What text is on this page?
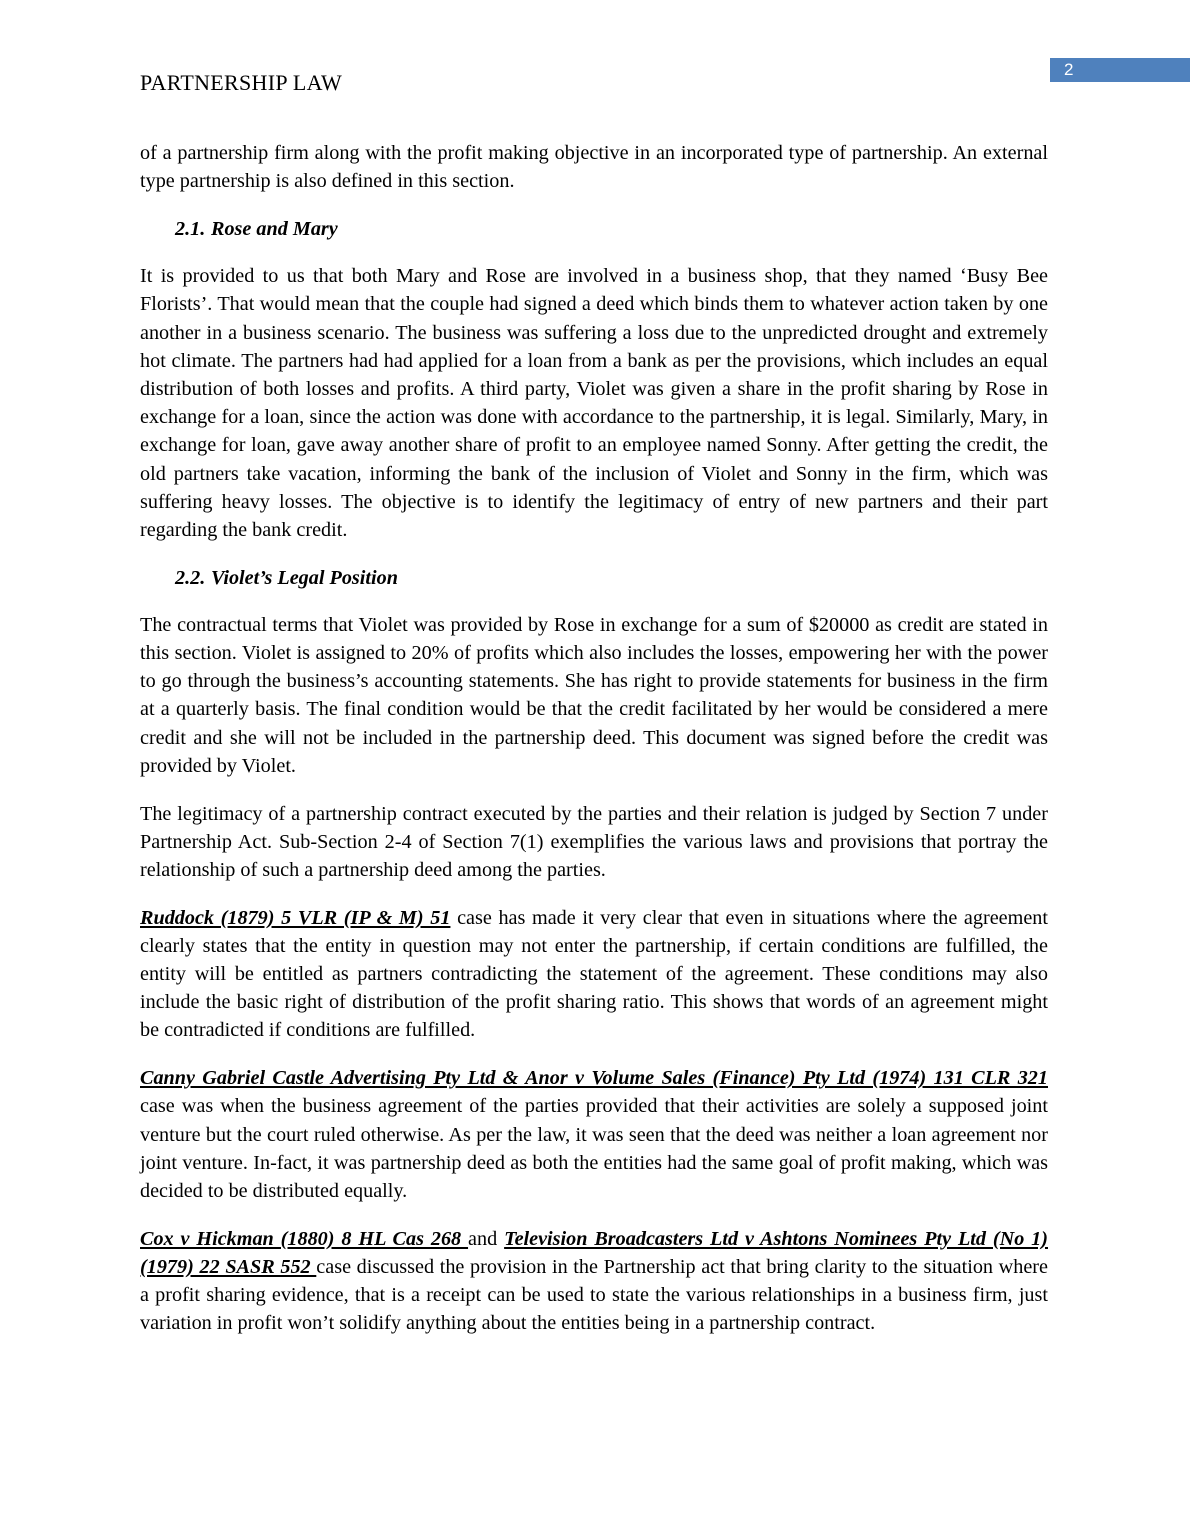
PARTNERSHIP LAW
2

of a partnership firm along with the profit making objective in an incorporated type of partnership. An external type partnership is also defined in this section.

2.1. Rose and Mary

It is provided to us that both Mary and Rose are involved in a business shop, that they named ‘Busy Bee Florists’. That would mean that the couple had signed a deed which binds them to whatever action taken by one another in a business scenario. The business was suffering a loss due to the unpredicted drought and extremely hot climate. The partners had had applied for a loan from a bank as per the provisions, which includes an equal distribution of both losses and profits. A third party, Violet was given a share in the profit sharing by Rose in exchange for a loan, since the action was done with accordance to the partnership, it is legal. Similarly, Mary, in exchange for loan, gave away another share of profit to an employee named Sonny. After getting the credit, the old partners take vacation, informing the bank of the inclusion of Violet and Sonny in the firm, which was suffering heavy losses. The objective is to identify the legitimacy of entry of new partners and their part regarding the bank credit.

2.2. Violet’s Legal Position

The contractual terms that Violet was provided by Rose in exchange for a sum of $20000 as credit are stated in this section. Violet is assigned to 20% of profits which also includes the losses, empowering her with the power to go through the business’s accounting statements. She has right to provide statements for business in the firm at a quarterly basis. The final condition would be that the credit facilitated by her would be considered a mere credit and she will not be included in the partnership deed. This document was signed before the credit was provided by Violet.

The legitimacy of a partnership contract executed by the parties and their relation is judged by Section 7 under Partnership Act. Sub-Section 2-4 of Section 7(1) exemplifies the various laws and provisions that portray the relationship of such a partnership deed among the parties.

Ruddock (1879) 5 VLR (IP & M) 51 case has made it very clear that even in situations where the agreement clearly states that the entity in question may not enter the partnership, if certain conditions are fulfilled, the entity will be entitled as partners contradicting the statement of the agreement. These conditions may also include the basic right of distribution of the profit sharing ratio. This shows that words of an agreement might be contradicted if conditions are fulfilled.

Canny Gabriel Castle Advertising Pty Ltd & Anor v Volume Sales (Finance) Pty Ltd (1974) 131 CLR 321 case was when the business agreement of the parties provided that their activities are solely a supposed joint venture but the court ruled otherwise. As per the law, it was seen that the deed was neither a loan agreement nor joint venture. In-fact, it was partnership deed as both the entities had the same goal of profit making, which was decided to be distributed equally.

Cox v Hickman (1880) 8 HL Cas 268 and Television Broadcasters Ltd v Ashtons Nominees Pty Ltd (No 1) (1979) 22 SASR 552 case discussed the provision in the Partnership act that bring clarity to the situation where a profit sharing evidence, that is a receipt can be used to state the various relationships in a business firm, just variation in profit won’t solidify anything about the entities being in a partnership contract.
